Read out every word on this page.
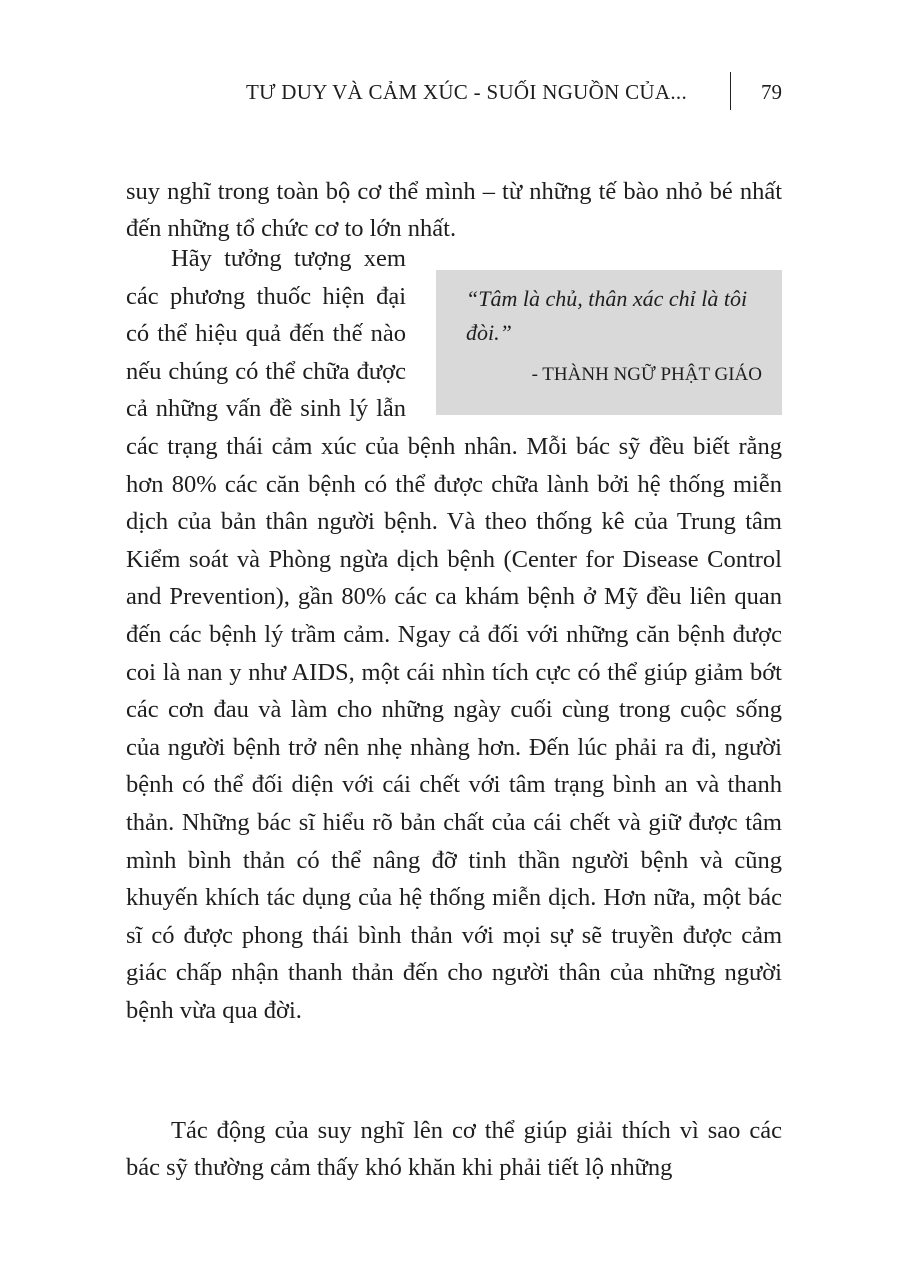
TƯ DUY VÀ CẢM XÚC - SUỐI NGUỒN CỦA...	79

suy nghĩ trong toàn bộ cơ thể mình – từ những tế bào nhỏ bé nhất đến những tổ chức cơ to lớn nhất.

“Tâm là chủ, thân xác chỉ là tôi đòi.”

- THÀNH NGỮ PHẬT GIÁO
Hãy tưởng tượng xem các phương thuốc hiện đại có thể hiệu quả đến thế nào nếu chúng có thể chữa được cả những vấn đề sinh lý lẫn các trạng thái cảm xúc của bệnh nhân. Mỗi bác sỹ đều biết rằng hơn 80% các căn bệnh có thể được chữa lành bởi hệ thống miễn dịch của bản thân người bệnh. Và theo thống kê của Trung tâm Kiểm soát và Phòng ngừa dịch bệnh (Center for Disease Control and Prevention), gần 80% các ca khám bệnh ở Mỹ đều liên quan đến các bệnh lý trầm cảm. Ngay cả đối với những căn bệnh được coi là nan y như AIDS, một cái nhìn tích cực có thể giúp giảm bớt các cơn đau và làm cho những ngày cuối cùng trong cuộc sống của người bệnh trở nên nhẹ nhàng hơn. Đến lúc phải ra đi, người bệnh có thể đối diện với cái chết với tâm trạng bình an và thanh thản. Những bác sĩ hiểu rõ bản chất của cái chết và giữ được tâm mình bình thản có thể nâng đỡ tinh thần người bệnh và cũng khuyến khích tác dụng của hệ thống miễn dịch. Hơn nữa, một bác sĩ có được phong thái bình thản với mọi sự sẽ truyền được cảm giác chấp nhận thanh thản đến cho người thân của những người bệnh vừa qua đời.

Tác động của suy nghĩ lên cơ thể giúp giải thích vì sao các bác sỹ thường cảm thấy khó khăn khi phải tiết lộ những
